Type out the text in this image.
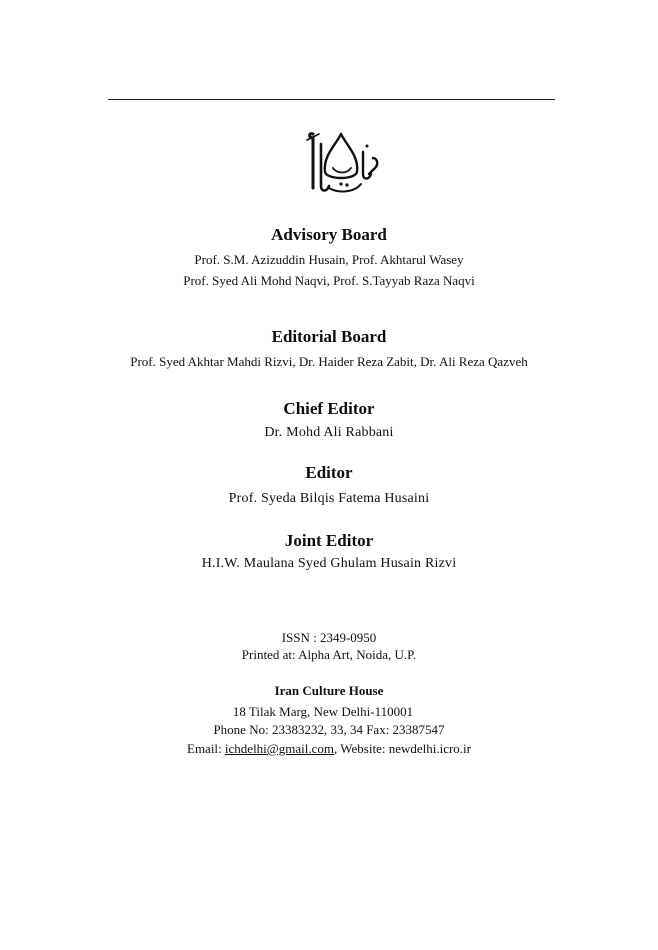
Advisory Board
Prof. S.M. Azizuddin Husain, Prof. Akhtarul Wasey
Prof. Syed Ali Mohd Naqvi, Prof. S.Tayyab Raza Naqvi
Editorial Board
Prof. Syed Akhtar Mahdi Rizvi, Dr. Haider Reza Zabit, Dr. Ali Reza Qazveh
Chief Editor
Dr. Mohd Ali Rabbani
Editor
Prof. Syeda Bilqis Fatema Husaini
Joint Editor
H.I.W. Maulana Syed Ghulam Husain Rizvi
ISSN : 2349-0950
Printed at: Alpha Art, Noida, U.P.
Iran Culture House
18 Tilak Marg, New Delhi-110001
Phone No: 23383232, 33, 34 Fax: 23387547
Email: ichdelhi@gmail.com, Website: newdelhi.icro.ir
